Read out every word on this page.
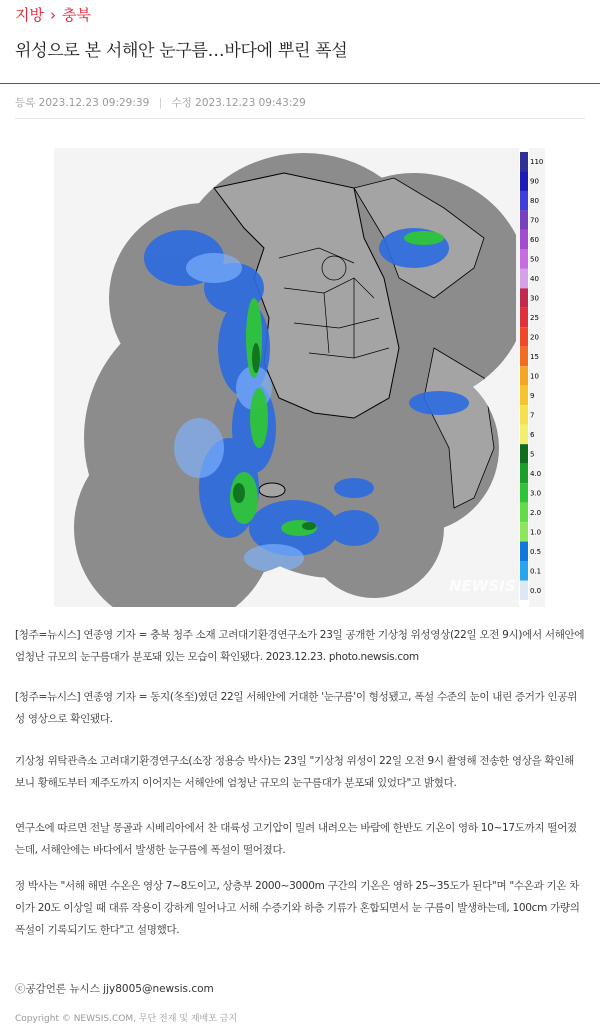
지방 › 충북
위성으로 본 서해안 눈구름…바다에 뿌린 폭설
등록 2023.12.23 09:29:39 | 수정 2023.12.23 09:43:29
110
90
80
70
60
50
40
30
25
20
15
10
9
7
6
5
4.0
3.0
2.0
1.0
0.5
0.1
0.0
NEWSIS
[청주=뉴시스] 연종영 기자 = 충북 청주 소재 고려대기환경연구소가 23일 공개한 기상청 위성영상(22일 오전 9시)에서 서해안에 엄청난 규모의 눈구름대가 분포돼 있는 모습이 확인됐다. 2023.12.23. photo.newsis.com
[청주=뉴시스] 연종영 기자 = 동지(冬至)였던 22일 서해안에 거대한 '눈구름'이 형성됐고, 폭설 수준의 눈이 내린 증거가 인공위성 영상으로 확인됐다.
기상청 위탁관측소 고려대기환경연구소(소장 정용승 박사)는 23일 "기상청 위성이 22일 오전 9시 촬영해 전송한 영상을 확인해 보니 황해도부터 제주도까지 이어지는 서해안에 엄청난 규모의 눈구름대가 분포돼 있었다"고 밝혔다.
연구소에 따르면 전날 몽골과 시베리아에서 찬 대륙성 고기압이 밀려 내려오는 바람에 한반도 기온이 영하 10~17도까지 떨어졌는데, 서해안에는 바다에서 발생한 눈구름에 폭설이 떨어졌다.
정 박사는 "서해 해면 수온은 영상 7~8도이고, 상층부 2000~3000m 구간의 기온은 영하 25~35도가 된다"며 "수온과 기온 차이가 20도 이상일 때 대류 작용이 강하게 일어나고 서해 수증기와 하층 기류가 혼합되면서 눈 구름이 발생하는데, 100cm 가량의 폭설이 기록되기도 한다"고 설명했다.
ⓒ공감언론 뉴시스 jjy8005@newsis.com
Copyright © NEWSIS.COM, 무단 전재 및 재배포 금지
